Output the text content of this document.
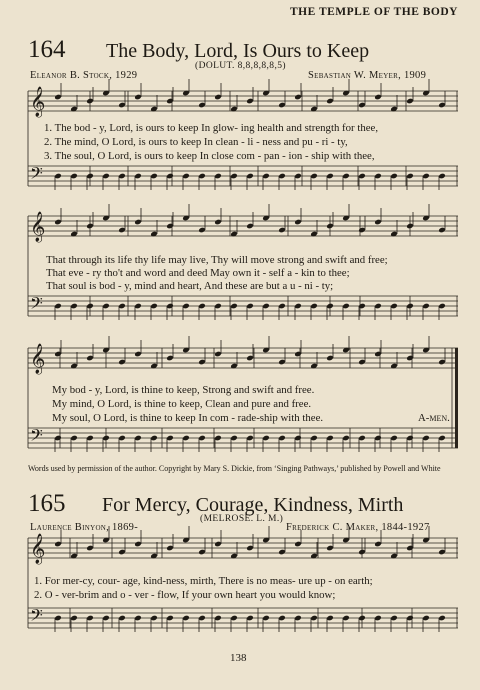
𝄞
𝄢
𝄞
𝄢
𝄞
𝄢
𝄞
𝄢
THE TEMPLE OF THE BODY
164 The Body, Lord, Is Ours to Keep
(DOLUT. 8,8,8,8,8,5)
Eleanor B. Stock, 1929	Sebastian W. Meyer, 1909
1. The bod - y, Lord, is ours to keep In glow- ing health and strength for thee,
2. The mind, O Lord, is ours to keep In clean - li - ness and pu - ri - ty,
3. The soul, O Lord, is ours to keep In close com - pan - ion - ship with thee,
That through its life thy life may live, Thy will move strong and swift and free;
That eve - ry tho't and word and deed May own it - self a - kin to thee;
That soul is bod - y, mind and heart, And these are but a u - ni - ty;
My bod - y, Lord, is thine to keep, Strong and swift and free.
My mind, O Lord, is thine to keep, Clean and pure and free.
My soul, O Lord, is thine to keep In com - rade-ship with thee.	A-men.
Words used by permission of the author. Copyright by Mary S. Dickie, from ‘Singing Pathways,’ published by Powell and White
165 For Mercy, Courage, Kindness, Mirth
(MELROSE. L. M.)
Laurence Binyon, 1869-	Frederick C. Maker, 1844-1927
1. For mer-cy, cour- age, kind-ness, mirth, There is no meas- ure up - on earth;
2. O - ver-brim and o - ver - flow, If your own heart you would know;
138
